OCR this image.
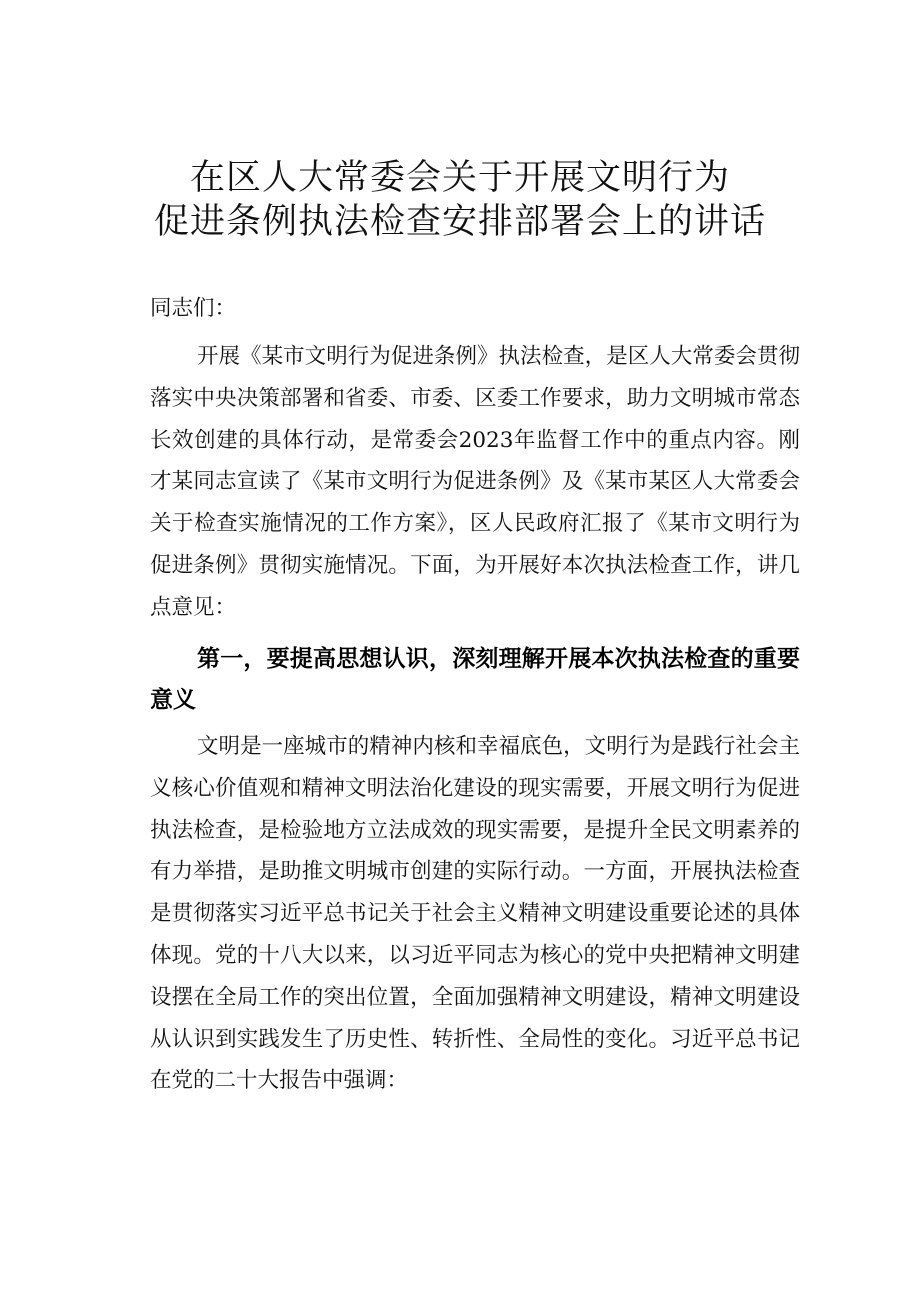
在区人大常委会关于开展文明行为
促进条例执法检查安排部署会上的讲话
同志们：
开展《某市文明行为促进条例》执法检查，是区人大常委会贯彻落实中央决策部署和省委、市委、区委工作要求，助力文明城市常态长效创建的具体行动，是常委会2023年监督工作中的重点内容。刚才某同志宣读了《某市文明行为促进条例》及《某市某区人大常委会关于检查实施情况的工作方案》，区人民政府汇报了《某市文明行为促进条例》贯彻实施情况。下面，为开展好本次执法检查工作，讲几点意见：
第一，要提高思想认识，深刻理解开展本次执法检查的重要意义
文明是一座城市的精神内核和幸福底色，文明行为是践行社会主义核心价值观和精神文明法治化建设的现实需要，开展文明行为促进执法检查，是检验地方立法成效的现实需要，是提升全民文明素养的有力举措，是助推文明城市创建的实际行动。一方面，开展执法检查是贯彻落实习近平总书记关于社会主义精神文明建设重要论述的具体体现。党的十八大以来，以习近平同志为核心的党中央把精神文明建设摆在全局工作的突出位置，全面加强精神文明建设，精神文明建设从认识到实践发生了历史性、转折性、全局性的变化。习近平总书记在党的二十大报告中强调：
